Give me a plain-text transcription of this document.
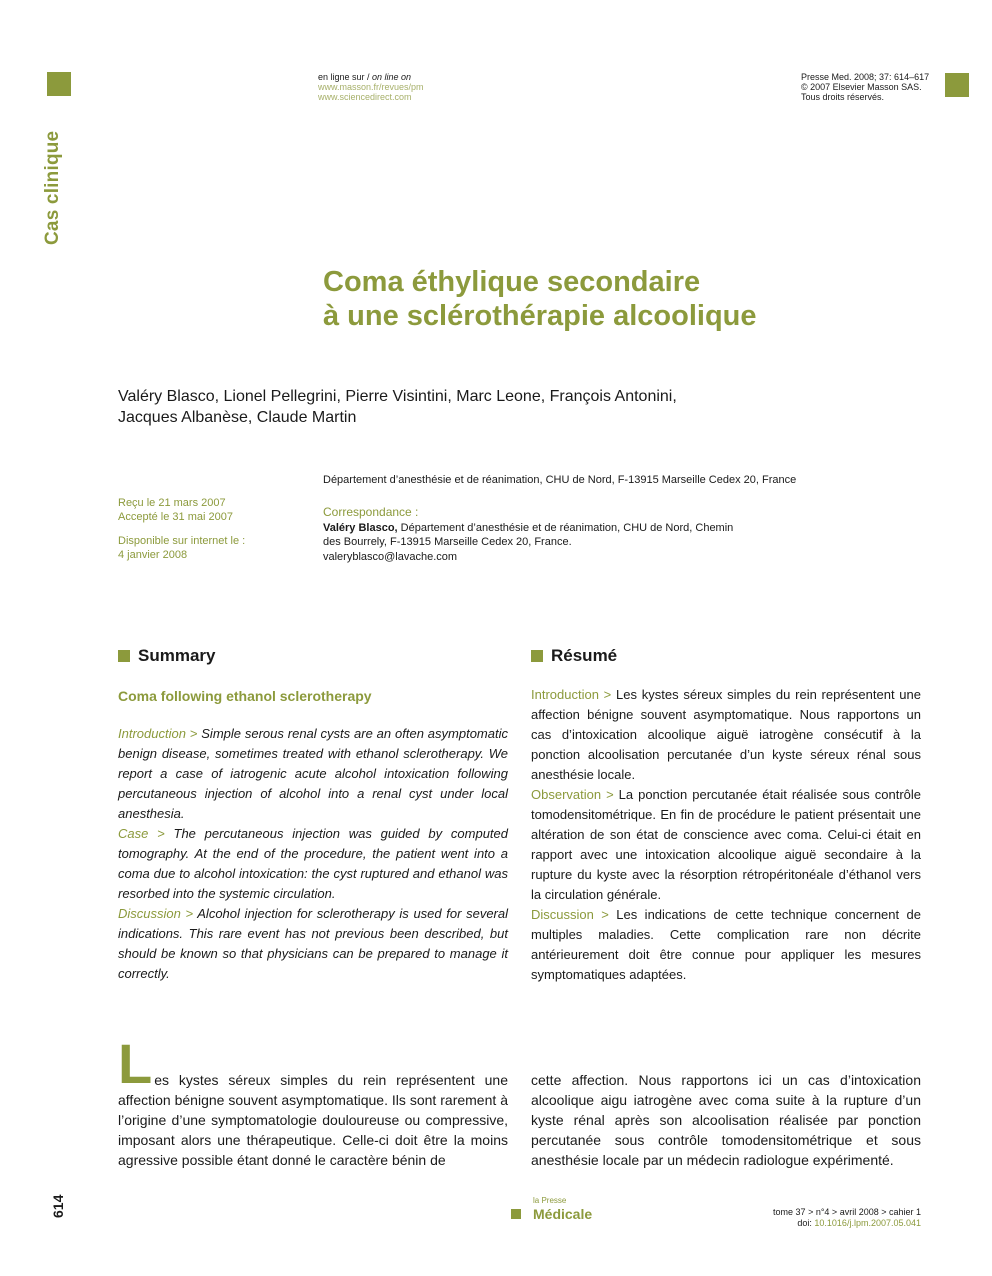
Cas clinique
en ligne sur / on line on
www.masson.fr/revues/pm
www.sciencedirect.com
Presse Med. 2008; 37: 614–617
© 2007 Elsevier Masson SAS.
Tous droits réservés.
Coma éthylique secondaire
à une sclérothérapie alcoolique
Valéry Blasco, Lionel Pellegrini, Pierre Visintini, Marc Leone, François Antonini,
Jacques Albanèse, Claude Martin
Département d’anesthésie et de réanimation, CHU de Nord, F-13915 Marseille Cedex 20, France
Reçu le 21 mars 2007
Accepté le 31 mai 2007
Disponible sur internet le :
4 janvier 2008
Correspondance :
Valéry Blasco, Département d’anesthésie et de réanimation, CHU de Nord, Chemin
des Bourrely, F-13915 Marseille Cedex 20, France.
valeryblasco@lavache.com
Summary
Coma following ethanol sclerotherapy

Introduction > Simple serous renal cysts are an often asymptomatic benign disease, sometimes treated with ethanol sclerotherapy. We report a case of iatrogenic acute alcohol intoxication following percutaneous injection of alcohol into a renal cyst under local anesthesia.

Case > The percutaneous injection was guided by computed tomography. At the end of the procedure, the patient went into a coma due to alcohol intoxication: the cyst ruptured and ethanol was resorbed into the systemic circulation.

Discussion > Alcohol injection for sclerotherapy is used for several indications. This rare event has not previous been described, but should be known so that physicians can be prepared to manage it correctly.

Résumé

Introduction > Les kystes séreux simples du rein représentent une affection bénigne souvent asymptomatique. Nous rapportons un cas d’intoxication alcoolique aiguë iatrogène consécutif à la ponction alcoolisation percutanée d’un kyste séreux rénal sous anesthésie locale.

Observation > La ponction percutanée était réalisée sous contrôle tomodensitométrique. En fin de procédure le patient présentait une altération de son état de conscience avec coma. Celui-ci était en rapport avec une intoxication alcoolique aiguë secondaire à la rupture du kyste avec la résorption rétropéritonéale d’éthanol vers la circulation générale.

Discussion > Les indications de cette technique concernent de multiples maladies. Cette complication rare non décrite antérieurement doit être connue pour appliquer les mesures symptomatiques adaptées.

L es kystes séreux simples du rein représentent une affection bénigne souvent asymptomatique. Ils sont rarement à l’origine d’une symptomatologie douloureuse ou compressive, imposant alors une thérapeutique. Celle-ci doit être la moins agressive possible étant donné le caractère bénin de
cette affection. Nous rapportons ici un cas d’intoxication alcoolique aigu iatrogène avec coma suite à la rupture d’un kyste rénal après son alcoolisation réalisée par ponction percutanée sous contrôle tomodensitométrique et sous anesthésie locale par un médecin radiologue expérimenté.
614	la Presse
Médicale	tome 37 > n°4 > avril 2008 > cahier 1
doi: 10.1016/j.lpm.2007.05.041
